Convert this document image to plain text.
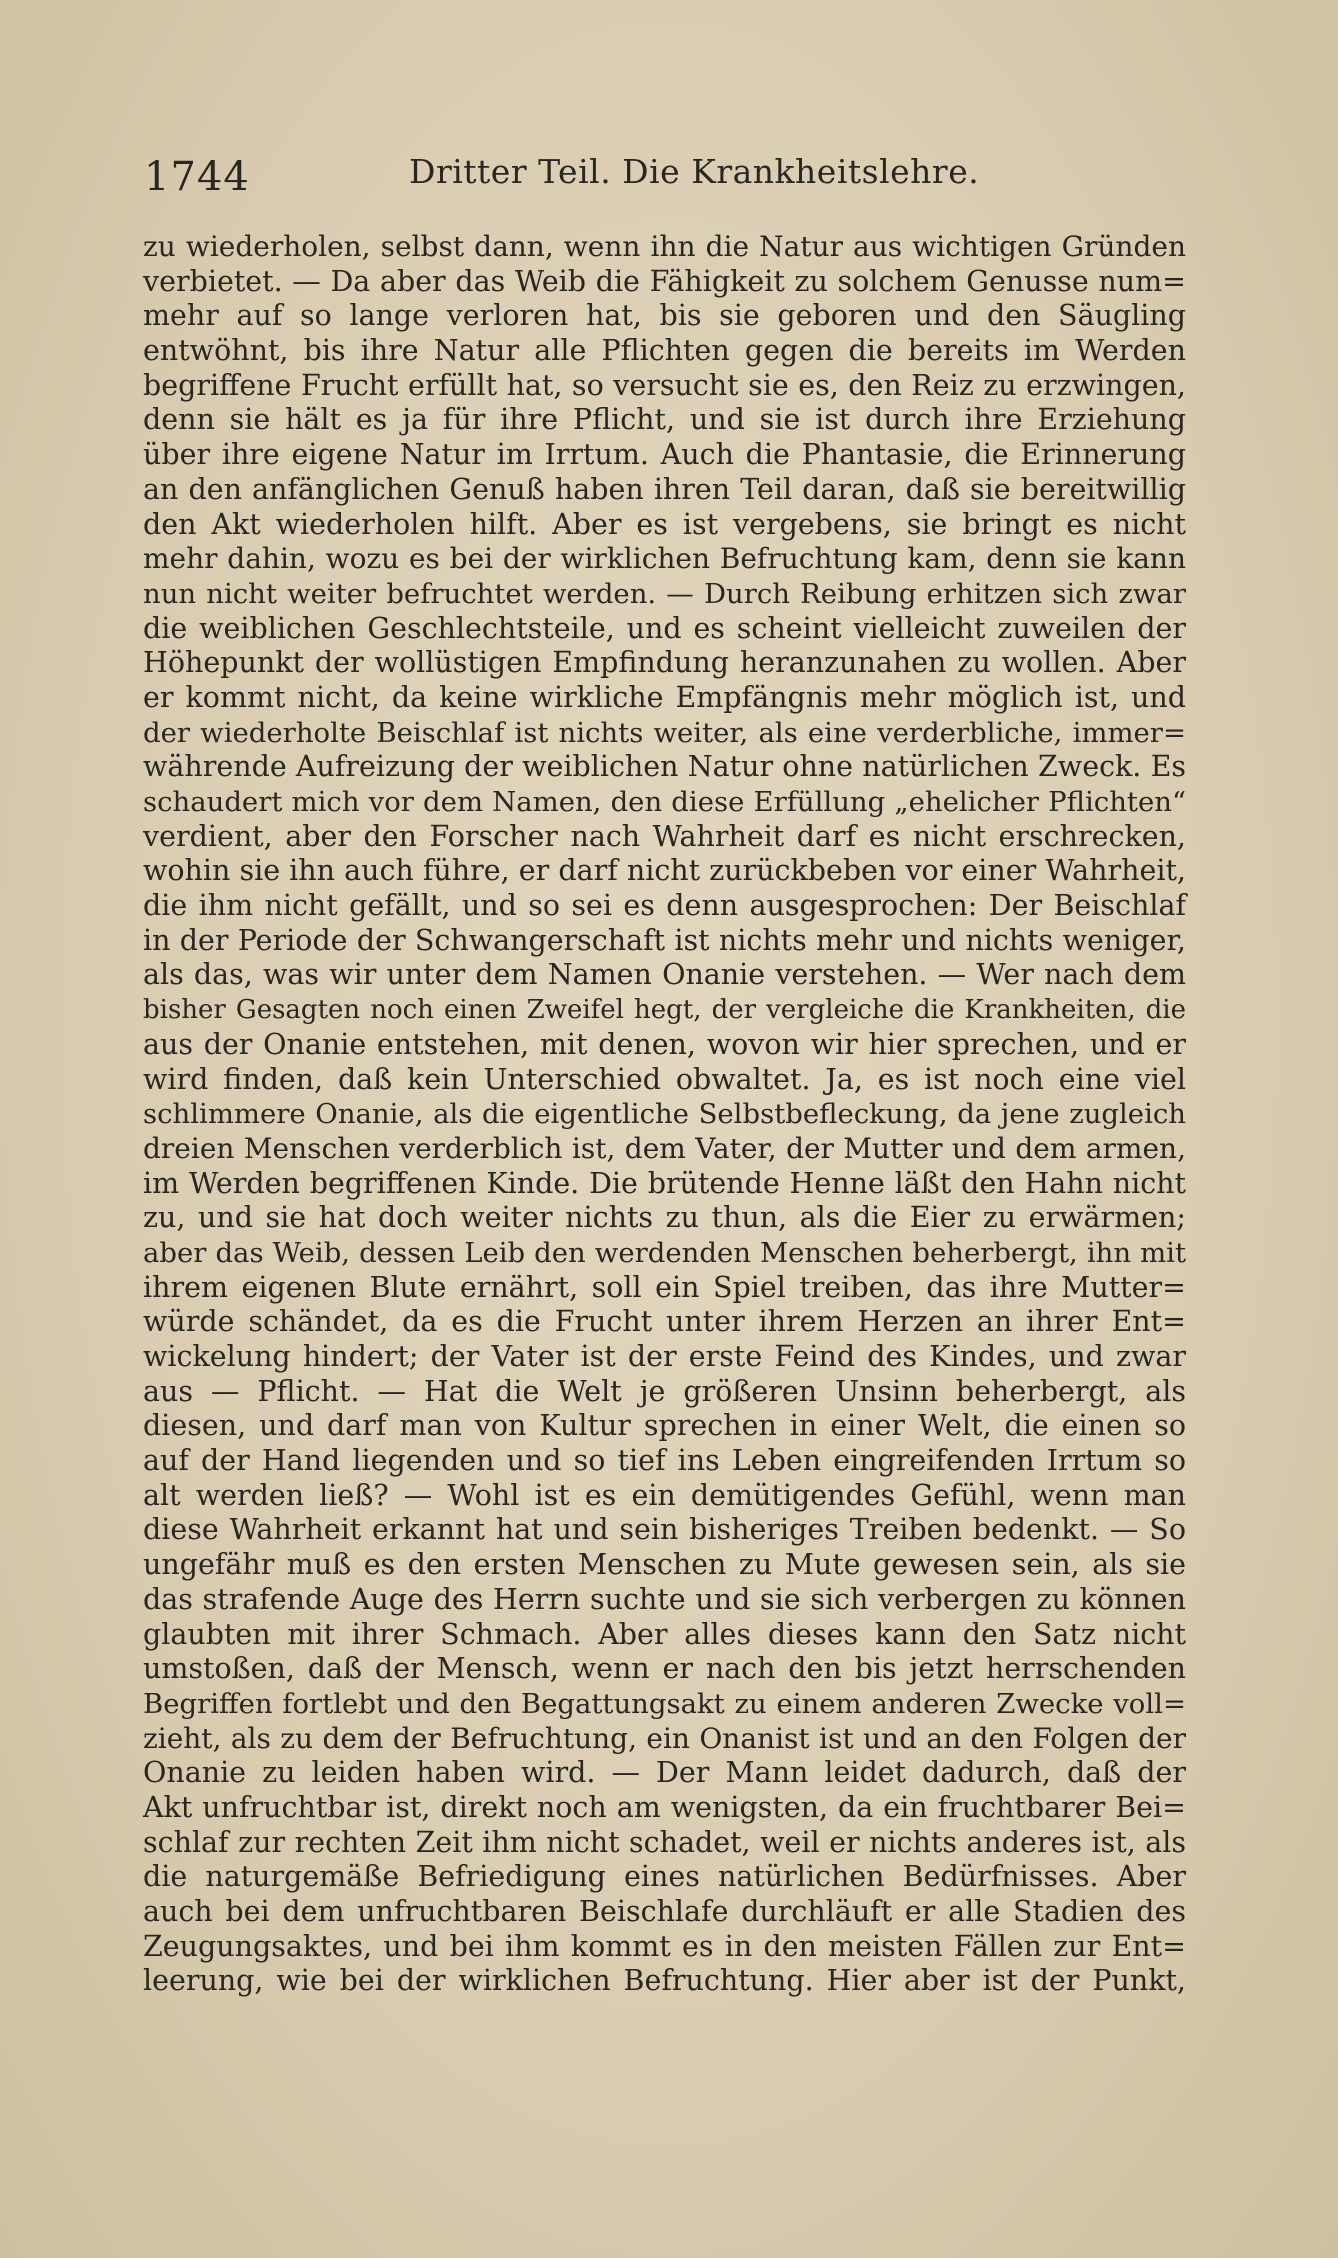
1744	Dritter Teil. Die Krankheitslehre.
zu wiederholen, selbst dann, wenn ihn die Natur aus wichtigen Gründen
verbietet. — Da aber das Weib die Fähigkeit zu solchem Genusse num=
mehr auf so lange verloren hat, bis sie geboren und den Säugling
entwöhnt, bis ihre Natur alle Pflichten gegen die bereits im Werden
begriffene Frucht erfüllt hat, so versucht sie es, den Reiz zu erzwingen,
denn sie hält es ja für ihre Pflicht, und sie ist durch ihre Erziehung
über ihre eigene Natur im Irrtum. Auch die Phantasie, die Erinnerung
an den anfänglichen Genuß haben ihren Teil daran, daß sie bereitwillig
den Akt wiederholen hilft. Aber es ist vergebens, sie bringt es nicht
mehr dahin, wozu es bei der wirklichen Befruchtung kam, denn sie kann
nun nicht weiter befruchtet werden. — Durch Reibung erhitzen sich zwar
die weiblichen Geschlechtsteile, und es scheint vielleicht zuweilen der
Höhepunkt der wollüstigen Empfindung heranzunahen zu wollen. Aber
er kommt nicht, da keine wirkliche Empfängnis mehr möglich ist, und
der wiederholte Beischlaf ist nichts weiter, als eine verderbliche, immer=
währende Aufreizung der weiblichen Natur ohne natürlichen Zweck. Es
schaudert mich vor dem Namen, den diese Erfüllung „ehelicher Pflichten“
verdient, aber den Forscher nach Wahrheit darf es nicht erschrecken,
wohin sie ihn auch führe, er darf nicht zurückbeben vor einer Wahrheit,
die ihm nicht gefällt, und so sei es denn ausgesprochen: Der Beischlaf
in der Periode der Schwangerschaft ist nichts mehr und nichts weniger,
als das, was wir unter dem Namen Onanie verstehen. — Wer nach dem
bisher Gesagten noch einen Zweifel hegt, der vergleiche die Krankheiten, die
aus der Onanie entstehen, mit denen, wovon wir hier sprechen, und er
wird finden, daß kein Unterschied obwaltet. Ja, es ist noch eine viel
schlimmere Onanie, als die eigentliche Selbstbefleckung, da jene zugleich
dreien Menschen verderblich ist, dem Vater, der Mutter und dem armen,
im Werden begriffenen Kinde. Die brütende Henne läßt den Hahn nicht
zu, und sie hat doch weiter nichts zu thun, als die Eier zu erwärmen;
aber das Weib, dessen Leib den werdenden Menschen beherbergt, ihn mit
ihrem eigenen Blute ernährt, soll ein Spiel treiben, das ihre Mutter=
würde schändet, da es die Frucht unter ihrem Herzen an ihrer Ent=
wickelung hindert; der Vater ist der erste Feind des Kindes, und zwar
aus — Pflicht. — Hat die Welt je größeren Unsinn beherbergt, als
diesen, und darf man von Kultur sprechen in einer Welt, die einen so
auf der Hand liegenden und so tief ins Leben eingreifenden Irrtum so
alt werden ließ? — Wohl ist es ein demütigendes Gefühl, wenn man
diese Wahrheit erkannt hat und sein bisheriges Treiben bedenkt. — So
ungefähr muß es den ersten Menschen zu Mute gewesen sein, als sie
das strafende Auge des Herrn suchte und sie sich verbergen zu können
glaubten mit ihrer Schmach. Aber alles dieses kann den Satz nicht
umstoßen, daß der Mensch, wenn er nach den bis jetzt herrschenden
Begriffen fortlebt und den Begattungsakt zu einem anderen Zwecke voll=
zieht, als zu dem der Befruchtung, ein Onanist ist und an den Folgen der
Onanie zu leiden haben wird. — Der Mann leidet dadurch, daß der
Akt unfruchtbar ist, direkt noch am wenigsten, da ein fruchtbarer Bei=
schlaf zur rechten Zeit ihm nicht schadet, weil er nichts anderes ist, als
die naturgemäße Befriedigung eines natürlichen Bedürfnisses. Aber
auch bei dem unfruchtbaren Beischlafe durchläuft er alle Stadien des
Zeugungsaktes, und bei ihm kommt es in den meisten Fällen zur Ent=
leerung, wie bei der wirklichen Befruchtung. Hier aber ist der Punkt,
